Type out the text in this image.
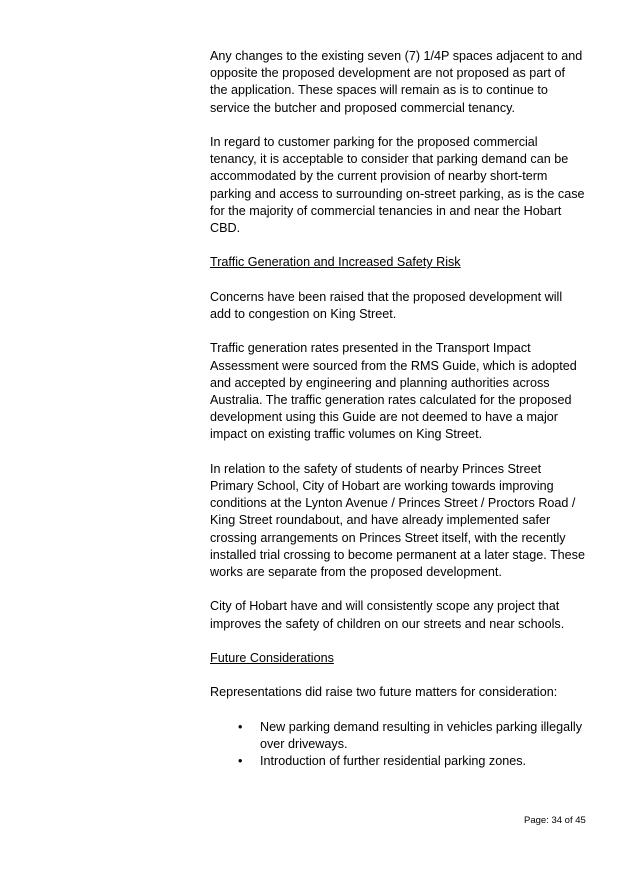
Any changes to the existing seven (7) 1/4P spaces adjacent to and opposite the proposed development are not proposed as part of the application. These spaces will remain as is to continue to service the butcher and proposed commercial tenancy.

In regard to customer parking for the proposed commercial tenancy, it is acceptable to consider that parking demand can be accommodated by the current provision of nearby short-term parking and access to surrounding on-street parking, as is the case for the majority of commercial tenancies in and near the Hobart CBD.

Traffic Generation and Increased Safety Risk

Concerns have been raised that the proposed development will add to congestion on King Street.

Traffic generation rates presented in the Transport Impact Assessment were sourced from the RMS Guide, which is adopted and accepted by engineering and planning authorities across Australia. The traffic generation rates calculated for the proposed development using this Guide are not deemed to have a major impact on existing traffic volumes on King Street.

In relation to the safety of students of nearby Princes Street Primary School, City of Hobart are working towards improving conditions at the Lynton Avenue / Princes Street / Proctors Road / King Street roundabout, and have already implemented safer crossing arrangements on Princes Street itself, with the recently installed trial crossing to become permanent at a later stage. These works are separate from the proposed development.

City of Hobart have and will consistently scope any project that improves the safety of children on our streets and near schools.

Future Considerations

Representations did raise two future matters for consideration:

• New parking demand resulting in vehicles parking illegally over driveways.
• Introduction of further residential parking zones.
Page: 34 of 45
